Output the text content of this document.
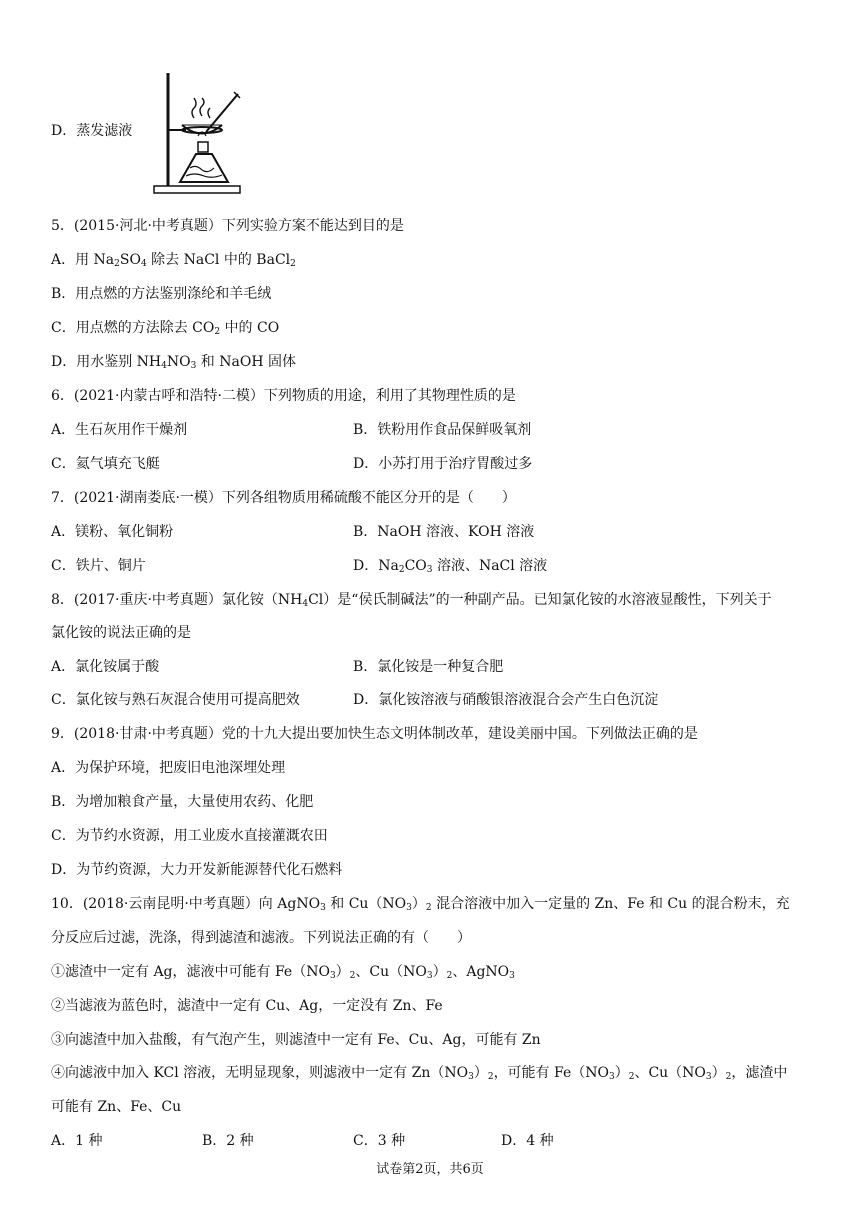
D．蒸发滤液
5．(2015·河北·中考真题）下列实验方案不能达到目的是
A．用 $Na_2SO_4$ 除去 NaCl 中的 BaCl$_2$
B．用点燃的方法鉴别涤纶和羊毛绒
C．用点燃的方法除去 $CO_2$ 中的 CO
D．用水鉴别 $NH_4NO_3$ 和 NaOH 固体
6．(2021·内蒙古呼和浩特·二模）下列物质的用途，利用了其物理性质的是
A．生石灰用作干燥剂	B．铁粉用作食品保鲜吸氧剂
C．氦气填充飞艇	D．小苏打用于治疗胃酸过多
7．(2021·湖南娄底·一模）下列各组物质用稀硫酸不能区分开的是（　　）
A．镁粉、氧化铜粉	B．NaOH 溶液、KOH 溶液
C．铁片、铜片	D．$Na_2CO_3$ 溶液、NaCl 溶液
8．(2017·重庆·中考真题）氯化铵$(NH_4Cl)$是“侯氏制碱法”的一种副产品。已知氯化铵的水溶液显酸性，下列关于
氯化铵的说法正确的是
A．氯化铵属于酸	B．氯化铵是一种复合肥
C．氯化铵与熟石灰混合使用可提高肥效	D．氯化铵溶液与硝酸银溶液混合会产生白色沉淀
9．(2018·甘肃·中考真题）党的十九大提出要加快生态文明体制改革，建设美丽中国。下列做法正确的是
A．为保护环境，把废旧电池深埋处理
B．为增加粮食产量，大量使用农药、化肥
C．为节约水资源，用工业废水直接灌溉农田
D．为节约资源，大力开发新能源替代化石燃料
10．(2018·云南昆明·中考真题）向 AgNO$_3$ 和 $Cu(NO_3)_2$ 混合溶液中加入一定量的 Zn、Fe 和 Cu 的混合粉末，充
分反应后过滤，洗涤，得到滤渣和滤液。下列说法正确的有（　　）
①滤渣中一定有 Ag，滤液中可能有 $Fe(NO_3)_2$、$Cu(NO_3)_2$、AgNO$_3$
②当滤液为蓝色时，滤渣中一定有 Cu、Ag，一定没有 Zn、Fe
③向滤渣中加入盐酸，有气泡产生，则滤渣中一定有 Fe、Cu、Ag，可能有 Zn
④向滤液中加入 KCl 溶液，无明显现象，则滤液中一定有 $Zn(NO_3)_2$，可能有 $Fe(NO_3)_2$、$Cu(NO_3)_2$，滤渣中
可能有 Zn、Fe、Cu
A．1 种	B．2 种	C．3 种	D．4 种
试卷第2页，共6页
